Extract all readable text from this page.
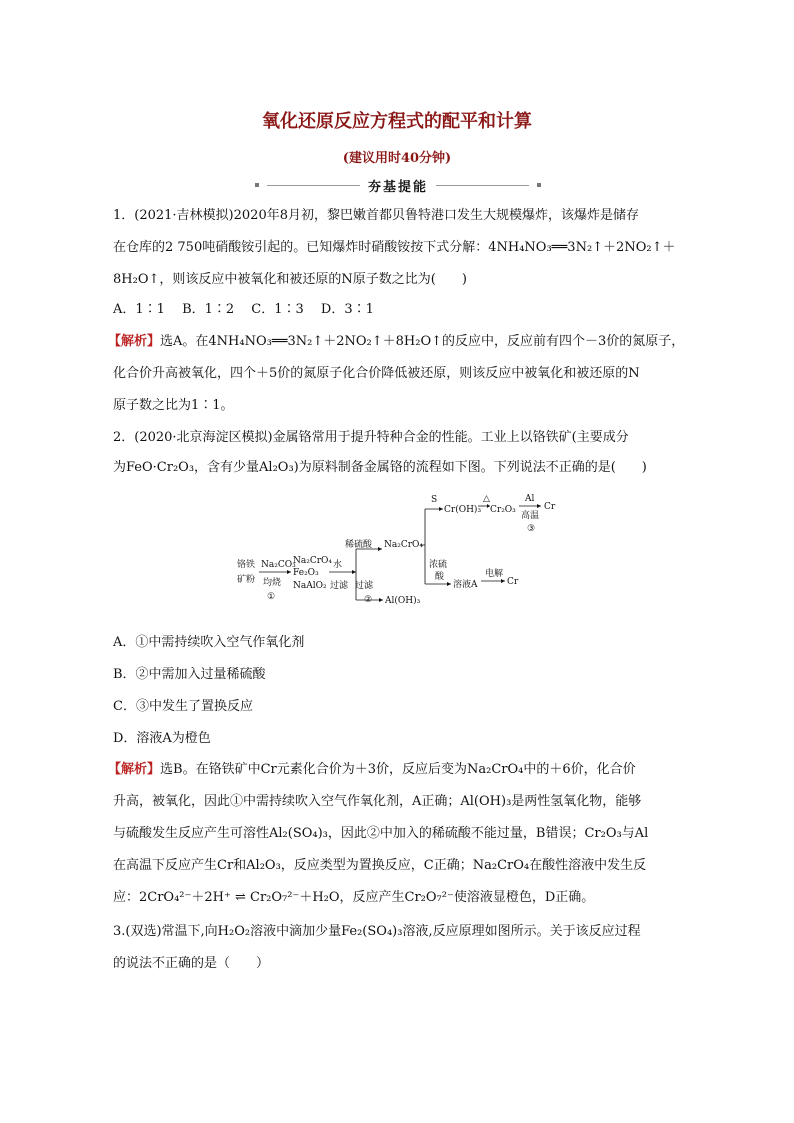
氧化还原反应方程式的配平和计算
(建议用时40分钟)
夯基提能
1．(2021·吉林模拟)2020年8月初，黎巴嫩首都贝鲁特港口发生大规模爆炸，该爆炸是储存
在仓库的2 750吨硝酸铵引起的。已知爆炸时硝酸铵按下式分解：4NH₄NO₃══3N₂↑＋2NO₂↑＋
8H₂O↑，则该反应中被氧化和被还原的N原子数之比为(　　)
A．1∶1　 B．1∶2　 C．1∶3　 D．3∶1
【解析】选A。在4NH₄NO₃══3N₂↑＋2NO₂↑＋8H₂O↑的反应中，反应前有四个－3价的氮原子，
化合价升高被氧化，四个＋5价的氮原子化合价降低被还原，则该反应中被氧化和被还原的N
原子数之比为1∶1。
2．(2020·北京海淀区模拟)金属铬常用于提升特种合金的性能。工业上以铬铁矿(主要成分
为FeO·Cr₂O₃，含有少量Al₂O₃)为原料制备金属铬的流程如下图。下列说法不正确的是(　　)
铬铁
矿粉
Na₂CO₃
均烧
①
Na₂CrO₄
Fe₂O₃
NaAlO₂
水
过滤
稀硫酸
过滤
② Al(OH)₃
Na₂CrO₄
S
Cr(OH)₃
△
Cr₂O₃
Al
高温
③
Cr
浓硫
酸
溶液A
电解
Cr
A．①中需持续吹入空气作氧化剂
B．②中需加入过量稀硫酸
C．③中发生了置换反应
D．溶液A为橙色
【解析】选B。在铬铁矿中Cr元素化合价为＋3价，反应后变为Na₂CrO₄中的＋6价，化合价
升高，被氧化，因此①中需持续吹入空气作氧化剂，A正确；Al(OH)₃是两性氢氧化物，能够
与硫酸发生反应产生可溶性Al₂(SO₄)₃，因此②中加入的稀硫酸不能过量，B错误；Cr₂O₃与Al
在高温下反应产生Cr和Al₂O₃，反应类型为置换反应，C正确；Na₂CrO₄在酸性溶液中发生反
应：2CrO₄²⁻＋2H⁺ ⇌ Cr₂O₇²⁻＋H₂O，反应产生Cr₂O₇²⁻使溶液显橙色，D正确。
3.(双选)常温下,向H₂O₂溶液中滴加少量Fe₂(SO₄)₃溶液,反应原理如图所示。关于该反应过程
的说法不正确的是（　　）
